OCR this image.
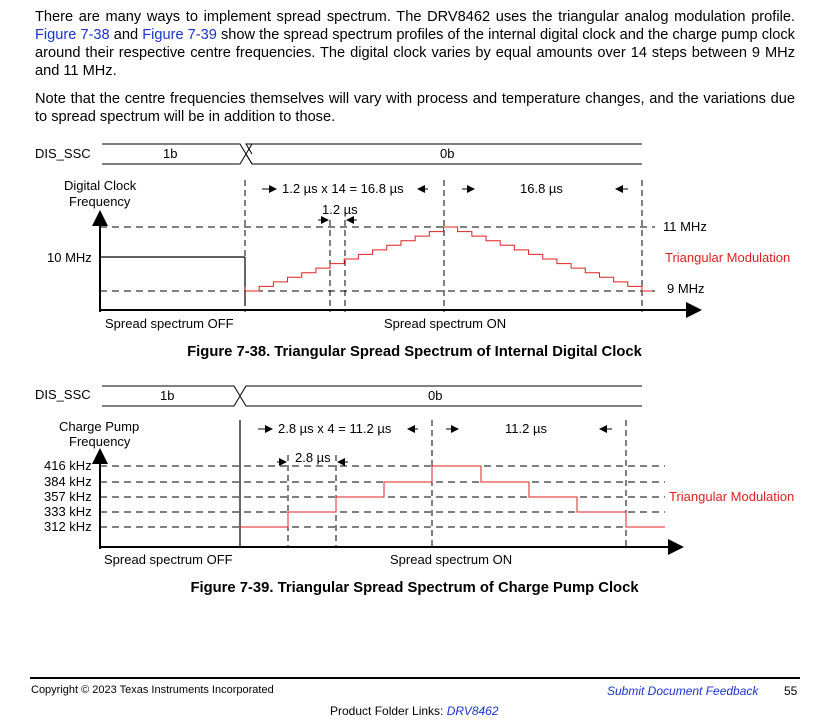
There are many ways to implement spread spectrum. The DRV8462 uses the triangular analog modulation profile. Figure 7-38 and Figure 7-39 show the spread spectrum profiles of the internal digital clock and the charge pump clock around their respective centre frequencies. The digital clock varies by equal amounts over 14 steps between 9 MHz and 11 MHz.

Note that the centre frequencies themselves will vary with process and temperature changes, and the variations due to spread spectrum will be in addition to those.

DIS_SSC	1b	0b
Digital Clock
Frequency
10 MHz
11 MHz
9 MHz
Triangular Modulation
1.2 µs x 14 = 16.8 µs	16.8 µs
1.2 µs
Spread spectrum OFF	Spread spectrum ON

Figure 7-38. Triangular Spread Spectrum of Internal Digital Clock

DIS_SSC	1b	0b
Charge Pump
Frequency
416 kHz
384 kHz
357 kHz
333 kHz
312 kHz
Triangular Modulation
2.8 µs x 4 = 11.2 µs	11.2 µs
2.8 µs
Spread spectrum OFF	Spread spectrum ON

Figure 7-39. Triangular Spread Spectrum of Charge Pump Clock

Copyright © 2023 Texas Instruments Incorporated	Submit Document Feedback 55
Product Folder Links: DRV8462
